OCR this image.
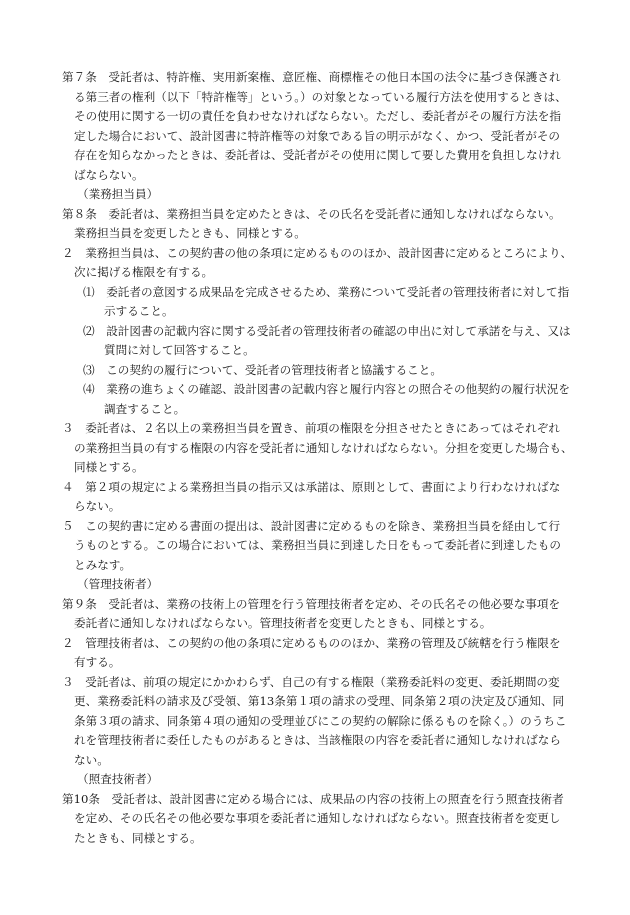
第７条　受託者は、特許権、実用新案権、意匠権、商標権その他日本国の法令に基づき保護され
る第三者の権利（以下「特許権等」という。）の対象となっている履行方法を使用するときは、
その使用に関する一切の責任を負わせなければならない。ただし、委託者がその履行方法を指
定した場合において、設計図書に特許権等の対象である旨の明示がなく、かつ、受託者がその
存在を知らなかったときは、委託者は、受託者がその使用に関して要した費用を負担しなけれ
ばならない。
（業務担当員）
第８条　委託者は、業務担当員を定めたときは、その氏名を受託者に通知しなければならない。
業務担当員を変更したときも、同様とする。
２　業務担当員は、この契約書の他の条項に定めるもののほか、設計図書に定めるところにより、
次に掲げる権限を有する。
⑴　委託者の意図する成果品を完成させるため、業務について受託者の管理技術者に対して指
示すること。
⑵　設計図書の記載内容に関する受託者の管理技術者の確認の申出に対して承諾を与え、又は
質問に対して回答すること。
⑶　この契約の履行について、受託者の管理技術者と協議すること。
⑷　業務の進ちょくの確認、設計図書の記載内容と履行内容との照合その他契約の履行状況を
調査すること。
３　委託者は、２名以上の業務担当員を置き、前項の権限を分担させたときにあってはそれぞれ
の業務担当員の有する権限の内容を受託者に通知しなければならない。分担を変更した場合も、
同様とする。
４　第２項の規定による業務担当員の指示又は承諾は、原則として、書面により行わなければな
らない。
５　この契約書に定める書面の提出は、設計図書に定めるものを除き、業務担当員を経由して行
うものとする。この場合においては、業務担当員に到達した日をもって委託者に到達したもの
とみなす。
（管理技術者）
第９条　受託者は、業務の技術上の管理を行う管理技術者を定め、その氏名その他必要な事項を
委託者に通知しなければならない。管理技術者を変更したときも、同様とする。
２　管理技術者は、この契約の他の条項に定めるもののほか、業務の管理及び統轄を行う権限を
有する。
３　受託者は、前項の規定にかかわらず、自己の有する権限（業務委託料の変更、委託期間の変
更、業務委託料の請求及び受領、第13条第１項の請求の受理、同条第２項の決定及び通知、同
条第３項の請求、同条第４項の通知の受理並びにこの契約の解除に係るものを除く。）のうちこ
れを管理技術者に委任したものがあるときは、当該権限の内容を委託者に通知しなければなら
ない。
（照査技術者）
第10条　受託者は、設計図書に定める場合には、成果品の内容の技術上の照査を行う照査技術者
を定め、その氏名その他必要な事項を委託者に通知しなければならない。照査技術者を変更し
たときも、同様とする。
